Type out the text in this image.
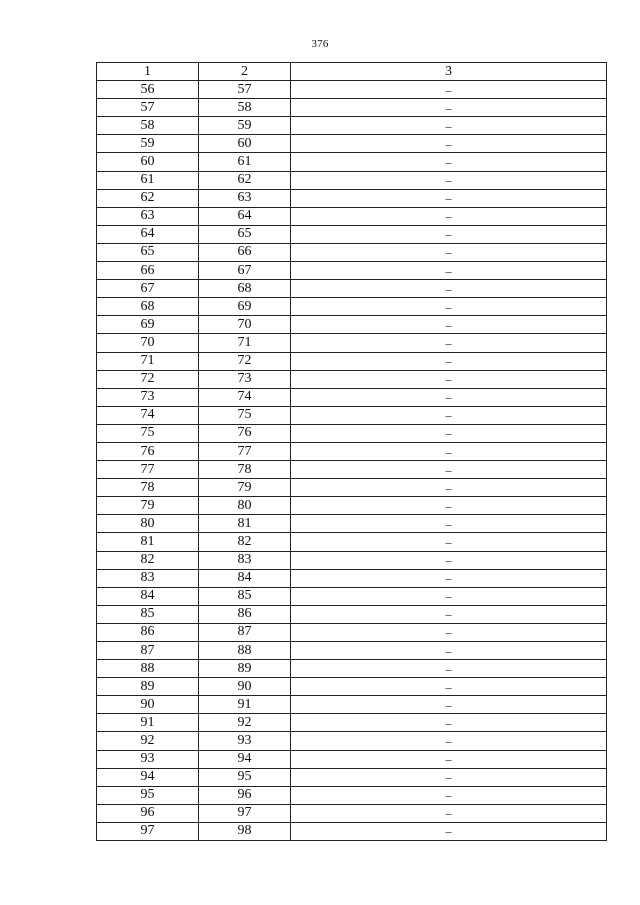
376
1	2	3
56	57	–
57	58	–
58	59	–
59	60	–
60	61	–
61	62	–
62	63	–
63	64	–
64	65	–
65	66	–
66	67	–
67	68	–
68	69	–
69	70	–
70	71	–
71	72	–
72	73	–
73	74	–
74	75	–
75	76	–
76	77	–
77	78	–
78	79	–
79	80	–
80	81	–
81	82	–
82	83	–
83	84	–
84	85	–
85	86	–
86	87	–
87	88	–
88	89	–
89	90	–
90	91	–
91	92	–
92	93	–
93	94	–
94	95	–
95	96	–
96	97	–
97	98	–
